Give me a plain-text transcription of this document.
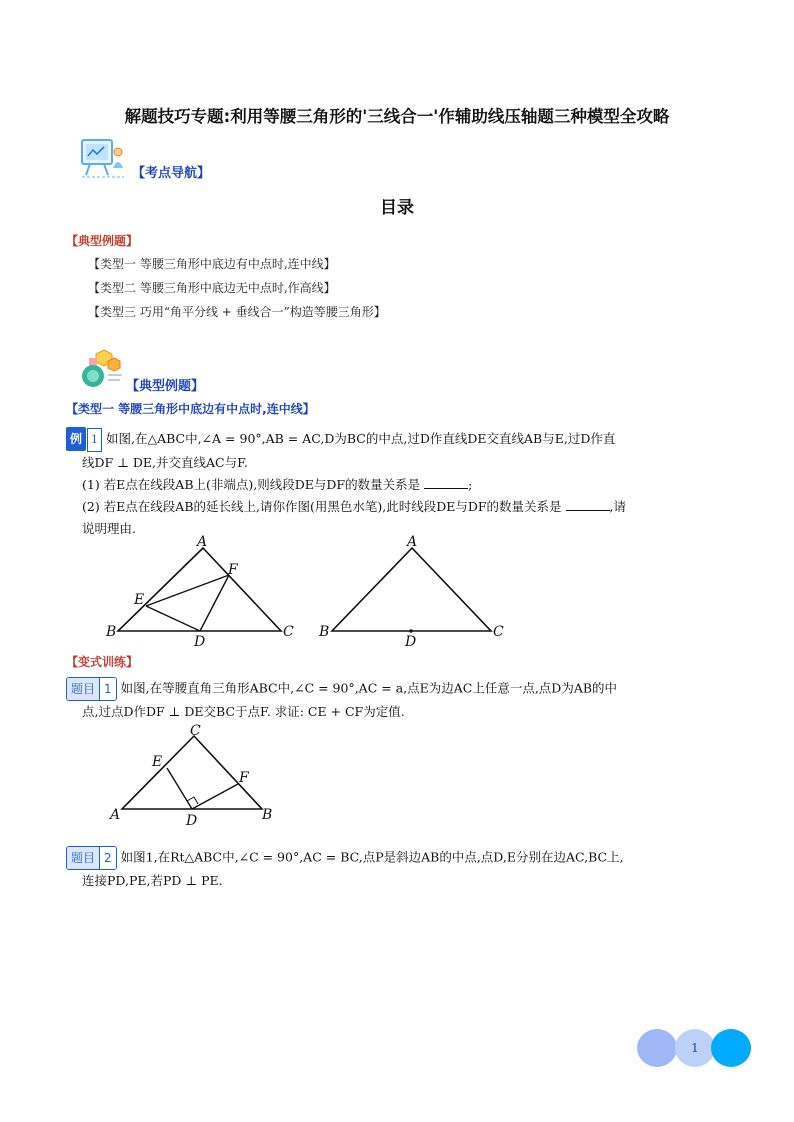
解题技巧专题:利用等腰三角形的'三线合一'作辅助线压轴题三种模型全攻略
【考点导航】
目录
【典型例题】
【类型一 等腰三角形中底边有中点时,连中线】
【类型二 等腰三角形中底边无中点时,作高线】
【类型三 巧用“角平分线 + 垂线合一”构造等腰三角形】
【典型例题】
【类型一 等腰三角形中底边有中点时,连中线】
例 1 如图,在△ABC中,∠A = 90°,AB = AC,D为BC的中点,过D作直线DE交直线AB与E,过D作直
线DF ⊥ DE,并交直线AC与F.
(1) 若E点在线段AB上(非端点),则线段DE与DF的数量关系是	;
(2) 若E点在线段AB的延长线上,请你作图(用黑色水笔),此时线段DE与DF的数量关系是	,请
说明理由.
A
B	C
D
E
F
A
B	C
D
【变式训练】
题目 1 如图,在等腰直角三角形ABC中,∠C = 90°,AC = a,点E为边AC上任意一点,点D为AB的中
点,过点D作DF ⊥ DE交BC于点F. 求证: CE + CF为定值.
C
A	B
D
E
F
题目 2 如图1,在Rt△ABC中,∠C = 90°,AC = BC,点P是斜边AB的中点,点D,E分别在边AC,BC上,
连接PD,PE,若PD ⊥ PE.
1
